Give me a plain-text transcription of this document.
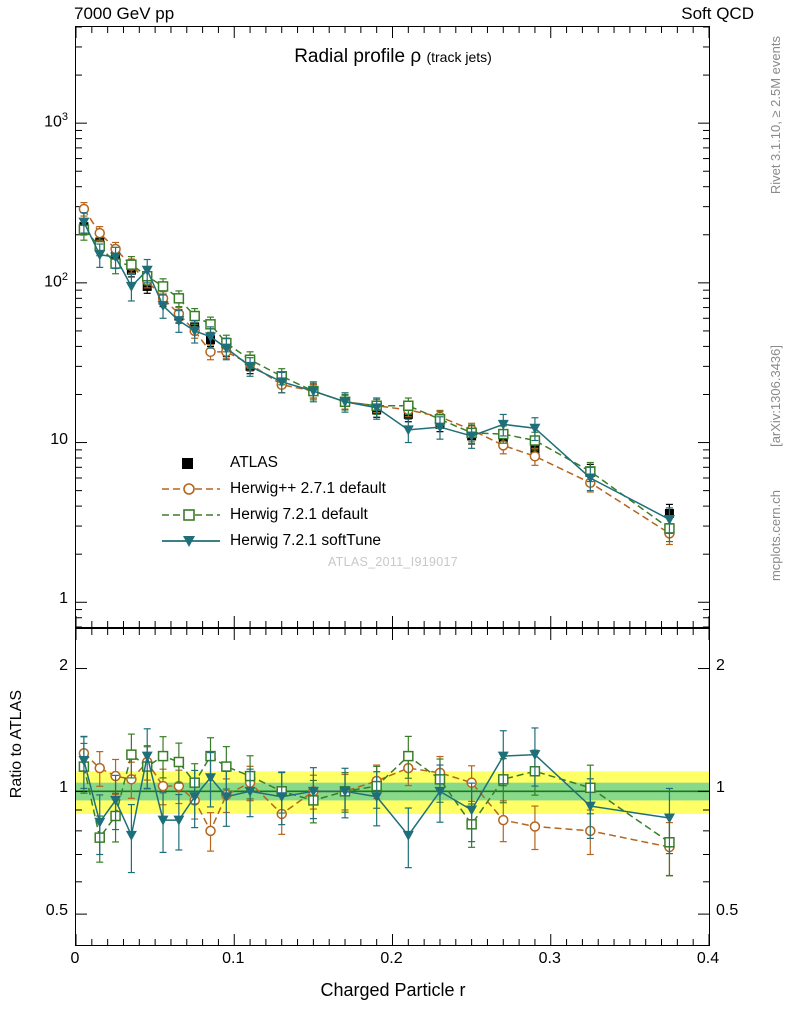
7000 GeV pp	Soft QCD
Rivet 3.1.10, ≥ 2.5M events
[arXiv:1306.3436]
mcplots.cern.ch
Radial profile ρ (track jets)
ATLAS_2011_I919017
ATLAS
Herwig++ 2.7.1 default
Herwig 7.2.1 default
Herwig 7.2.1 softTune
Ratio to ATLAS
Charged Particle r
1
10
$10^2$
$10^3$
0.5	0.5
1	1
2	2
0	0.1	0.2	0.3	0.4
